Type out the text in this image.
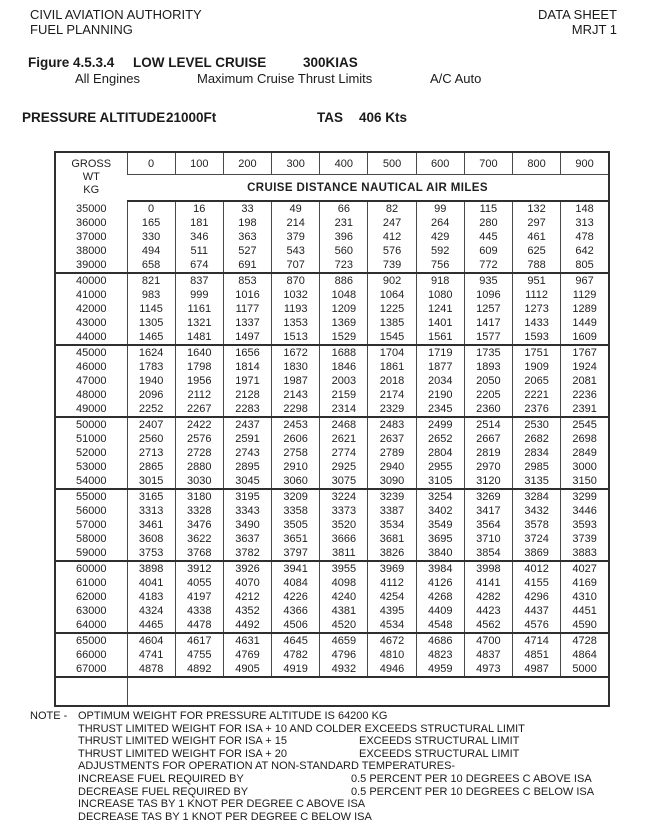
CIVIL AVIATION AUTHORITY
FUEL PLANNING
DATA SHEET
MRJT 1
Figure 4.5.3.4 LOW LEVEL CRUISE	300KIAS
All Engines	Maximum Cruise Thrust Limits	A/C Auto
PRESSURE ALTITUDE21000Ft	TAS 406 Kts
GROSS
WT
KG	0	100	200	300	400	500	600	700	800	900
	CRUISE DISTANCE NAUTICAL AIR MILES									
35000	0	16	33	49	66	82	99	115	132	148
36000	165	181	198	214	231	247	264	280	297	313
37000	330	346	363	379	396	412	429	445	461	478
38000	494	511	527	543	560	576	592	609	625	642
39000	658	674	691	707	723	739	756	772	788	805
40000	821	837	853	870	886	902	918	935	951	967
41000	983	999	1016	1032	1048	1064	1080	1096	1112	1129
42000	1145	1161	1177	1193	1209	1225	1241	1257	1273	1289
43000	1305	1321	1337	1353	1369	1385	1401	1417	1433	1449
44000	1465	1481	1497	1513	1529	1545	1561	1577	1593	1609
45000	1624	1640	1656	1672	1688	1704	1719	1735	1751	1767
46000	1783	1798	1814	1830	1846	1861	1877	1893	1909	1924
47000	1940	1956	1971	1987	2003	2018	2034	2050	2065	2081
48000	2096	2112	2128	2143	2159	2174	2190	2205	2221	2236
49000	2252	2267	2283	2298	2314	2329	2345	2360	2376	2391
50000	2407	2422	2437	2453	2468	2483	2499	2514	2530	2545
51000	2560	2576	2591	2606	2621	2637	2652	2667	2682	2698
52000	2713	2728	2743	2758	2774	2789	2804	2819	2834	2849
53000	2865	2880	2895	2910	2925	2940	2955	2970	2985	3000
54000	3015	3030	3045	3060	3075	3090	3105	3120	3135	3150
55000	3165	3180	3195	3209	3224	3239	3254	3269	3284	3299
56000	3313	3328	3343	3358	3373	3387	3402	3417	3432	3446
57000	3461	3476	3490	3505	3520	3534	3549	3564	3578	3593
58000	3608	3622	3637	3651	3666	3681	3695	3710	3724	3739
59000	3753	3768	3782	3797	3811	3826	3840	3854	3869	3883
60000	3898	3912	3926	3941	3955	3969	3984	3998	4012	4027
61000	4041	4055	4070	4084	4098	4112	4126	4141	4155	4169
62000	4183	4197	4212	4226	4240	4254	4268	4282	4296	4310
63000	4324	4338	4352	4366	4381	4395	4409	4423	4437	4451
64000	4465	4478	4492	4506	4520	4534	4548	4562	4576	4590
65000	4604	4617	4631	4645	4659	4672	4686	4700	4714	4728
66000	4741	4755	4769	4782	4796	4810	4823	4837	4851	4864
67000	4878	4892	4905	4919	4932	4946	4959	4973	4987	5000

NOTE - OPTIMUM WEIGHT FOR PRESSURE ALTITUDE IS 64200 KG
THRUST LIMITED WEIGHT FOR ISA + 10 AND COLDER EXCEEDS STRUCTURAL LIMIT
THRUST LIMITED WEIGHT FOR ISA + 15	EXCEEDS STRUCTURAL LIMIT
THRUST LIMITED WEIGHT FOR ISA + 20	EXCEEDS STRUCTURAL LIMIT
ADJUSTMENTS FOR OPERATION AT NON-STANDARD TEMPERATURES-
INCREASE FUEL REQUIRED BY	0.5 PERCENT PER 10 DEGREES C ABOVE ISA
DECREASE FUEL REQUIRED BY	0.5 PERCENT PER 10 DEGREES C BELOW ISA
INCREASE TAS BY 1 KNOT PER DEGREE C ABOVE ISA
DECREASE TAS BY 1 KNOT PER DEGREE C BELOW ISA
